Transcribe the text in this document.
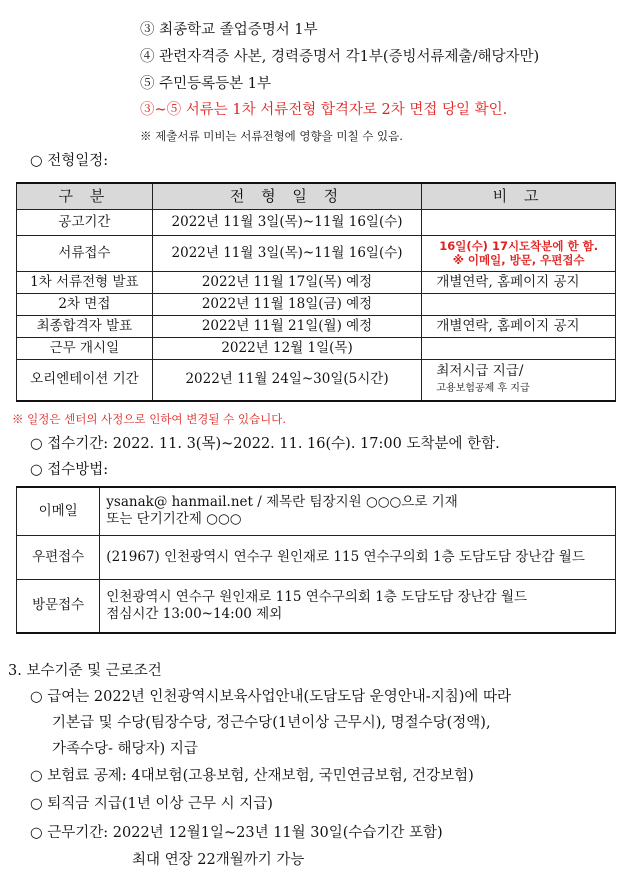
③ 최종학교 졸업증명서 1부
④ 관련자격증 사본, 경력증명서 각1부(증빙서류제출/해당자만)
⑤ 주민등록등본 1부
③~⑤ 서류는 1차 서류전형 합격자로 2차 면접 당일 확인.
※ 제출서류 미비는 서류전형에 영향을 미칠 수 있음.
○ 전형일정:
구 분	전 형 일 정	비 고
공고기간	2022년 11월 3일(목)~11월 16일(수)	
서류접수	2022년 11월 3일(목)~11월 16일(수)	16일(수) 17시도착분에 한 함.
※ 이메일, 방문, 우편접수

1차 서류전형 발표	2022년 11월 17일(목) 예정	개별연락, 홈페이지 공지
2차 면접	2022년 11월 18일(금) 예정	
최종합격자 발표	2022년 11월 21일(월) 예정	개별연락, 홈페이지 공지
근무 개시일	2022년 12월 1일(목)	
오리엔테이션 기간	2022년 11월 24일~30일(5시간)	최저시급 지급/
고용보험공제 후 지급
※ 일정은 센터의 사정으로 인하여 변경될 수 있습니다.
○ 접수기간: 2022. 11. 3(목)~2022. 11. 16(수). 17:00 도착분에 한함.
○ 접수방법:
이메일	ysanak@ hanmail.net / 제목란 팀장지원 ○○○으로 기재
또는 단기기간제 ○○○

우편접수	(21967) 인천광역시 연수구 원인재로 115 연수구의회 1층 도담도담 장난감 월드
방문접수	인천광역시 연수구 원인재로 115 연수구의회 1층 도담도담 장난감 월드
점심시간 13:00~14:00 제외
3. 보수기준 및 근로조건
○ 급여는 2022년 인천광역시보육사업안내(도담도담 운영안내-지침)에 따라
기본급 및 수당(팀장수당, 정근수당(1년이상 근무시), 명절수당(정액),
가족수당- 해당자) 지급
○ 보험료 공제: 4대보험(고용보험, 산재보험, 국민연금보험, 건강보험)
○ 퇴직금 지급(1년 이상 근무 시 지급)
○ 근무기간: 2022년 12월1일~23년 11월 30일(수습기간 포함)
최대 연장 22개월까기 가능
